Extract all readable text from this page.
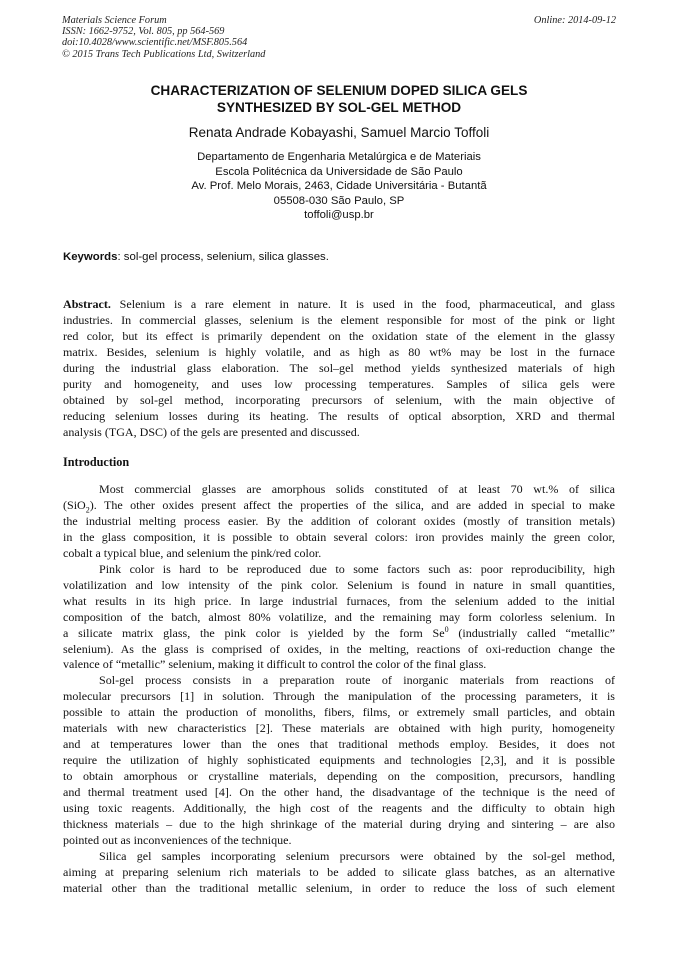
Materials Science Forum
ISSN: 1662-9752, Vol. 805, pp 564-569
doi:10.4028/www.scientific.net/MSF.805.564
© 2015 Trans Tech Publications Ltd, Switzerland
Online: 2014-09-12
CHARACTERIZATION OF SELENIUM DOPED SILICA GELS
SYNTHESIZED BY SOL-GEL METHOD
Renata Andrade Kobayashi, Samuel Marcio Toffoli
Departamento de Engenharia Metalúrgica e de Materiais
Escola Politécnica da Universidade de São Paulo
Av. Prof. Melo Morais, 2463, Cidade Universitária - Butantã
05508-030 São Paulo, SP
toffoli@usp.br
Keywords: sol-gel process, selenium, silica glasses.
Abstract. Selenium is a rare element in nature. It is used in the food, pharmaceutical, and glass
industries. In commercial glasses, selenium is the element responsible for most of the pink or light
red color, but its effect is primarily dependent on the oxidation state of the element in the glassy
matrix. Besides, selenium is highly volatile, and as high as 80 wt% may be lost in the furnace
during the industrial glass elaboration. The sol–gel method yields synthesized materials of high
purity and homogeneity, and uses low processing temperatures. Samples of silica gels were
obtained by sol-gel method, incorporating precursors of selenium, with the main objective of
reducing selenium losses during its heating. The results of optical absorption, XRD and thermal
analysis (TGA, DSC) of the gels are presented and discussed.
Introduction
Most commercial glasses are amorphous solids constituted of at least 70 wt.% of silica
(SiO$_2$). The other oxides present affect the properties of the silica, and are added in special to make
the industrial melting process easier. By the addition of colorant oxides (mostly of transition metals)
in the glass composition, it is possible to obtain several colors: iron provides mainly the green color,
cobalt a typical blue, and selenium the pink/red color.
Pink color is hard to be reproduced due to some factors such as: poor reproducibility, high
volatilization and low intensity of the pink color. Selenium is found in nature in small quantities,
what results in its high price. In large industrial furnaces, from the selenium added to the initial
composition of the batch, almost 80% volatilize, and the remaining may form colorless selenium. In
a silicate matrix glass, the pink color is yielded by the form Se$^0$ (industrially called “metallic”
selenium). As the glass is comprised of oxides, in the melting, reactions of oxi-reduction change the
valence of “metallic” selenium, making it difficult to control the color of the final glass.
Sol-gel process consists in a preparation route of inorganic materials from reactions of
molecular precursors [1] in solution. Through the manipulation of the processing parameters, it is
possible to attain the production of monoliths, fibers, films, or extremely small particles, and obtain
materials with new characteristics [2]. These materials are obtained with high purity, homogeneity
and at temperatures lower than the ones that traditional methods employ. Besides, it does not
require the utilization of highly sophisticated equipments and technologies [2,3], and it is possible
to obtain amorphous or crystalline materials, depending on the composition, precursors, handling
and thermal treatment used [4]. On the other hand, the disadvantage of the technique is the need of
using toxic reagents. Additionally, the high cost of the reagents and the difficulty to obtain high
thickness materials – due to the high shrinkage of the material during drying and sintering – are also
pointed out as inconveniences of the technique.
Silica gel samples incorporating selenium precursors were obtained by the sol-gel method,
aiming at preparing selenium rich materials to be added to silicate glass batches, as an alternative
material other than the traditional metallic selenium, in order to reduce the loss of such element
